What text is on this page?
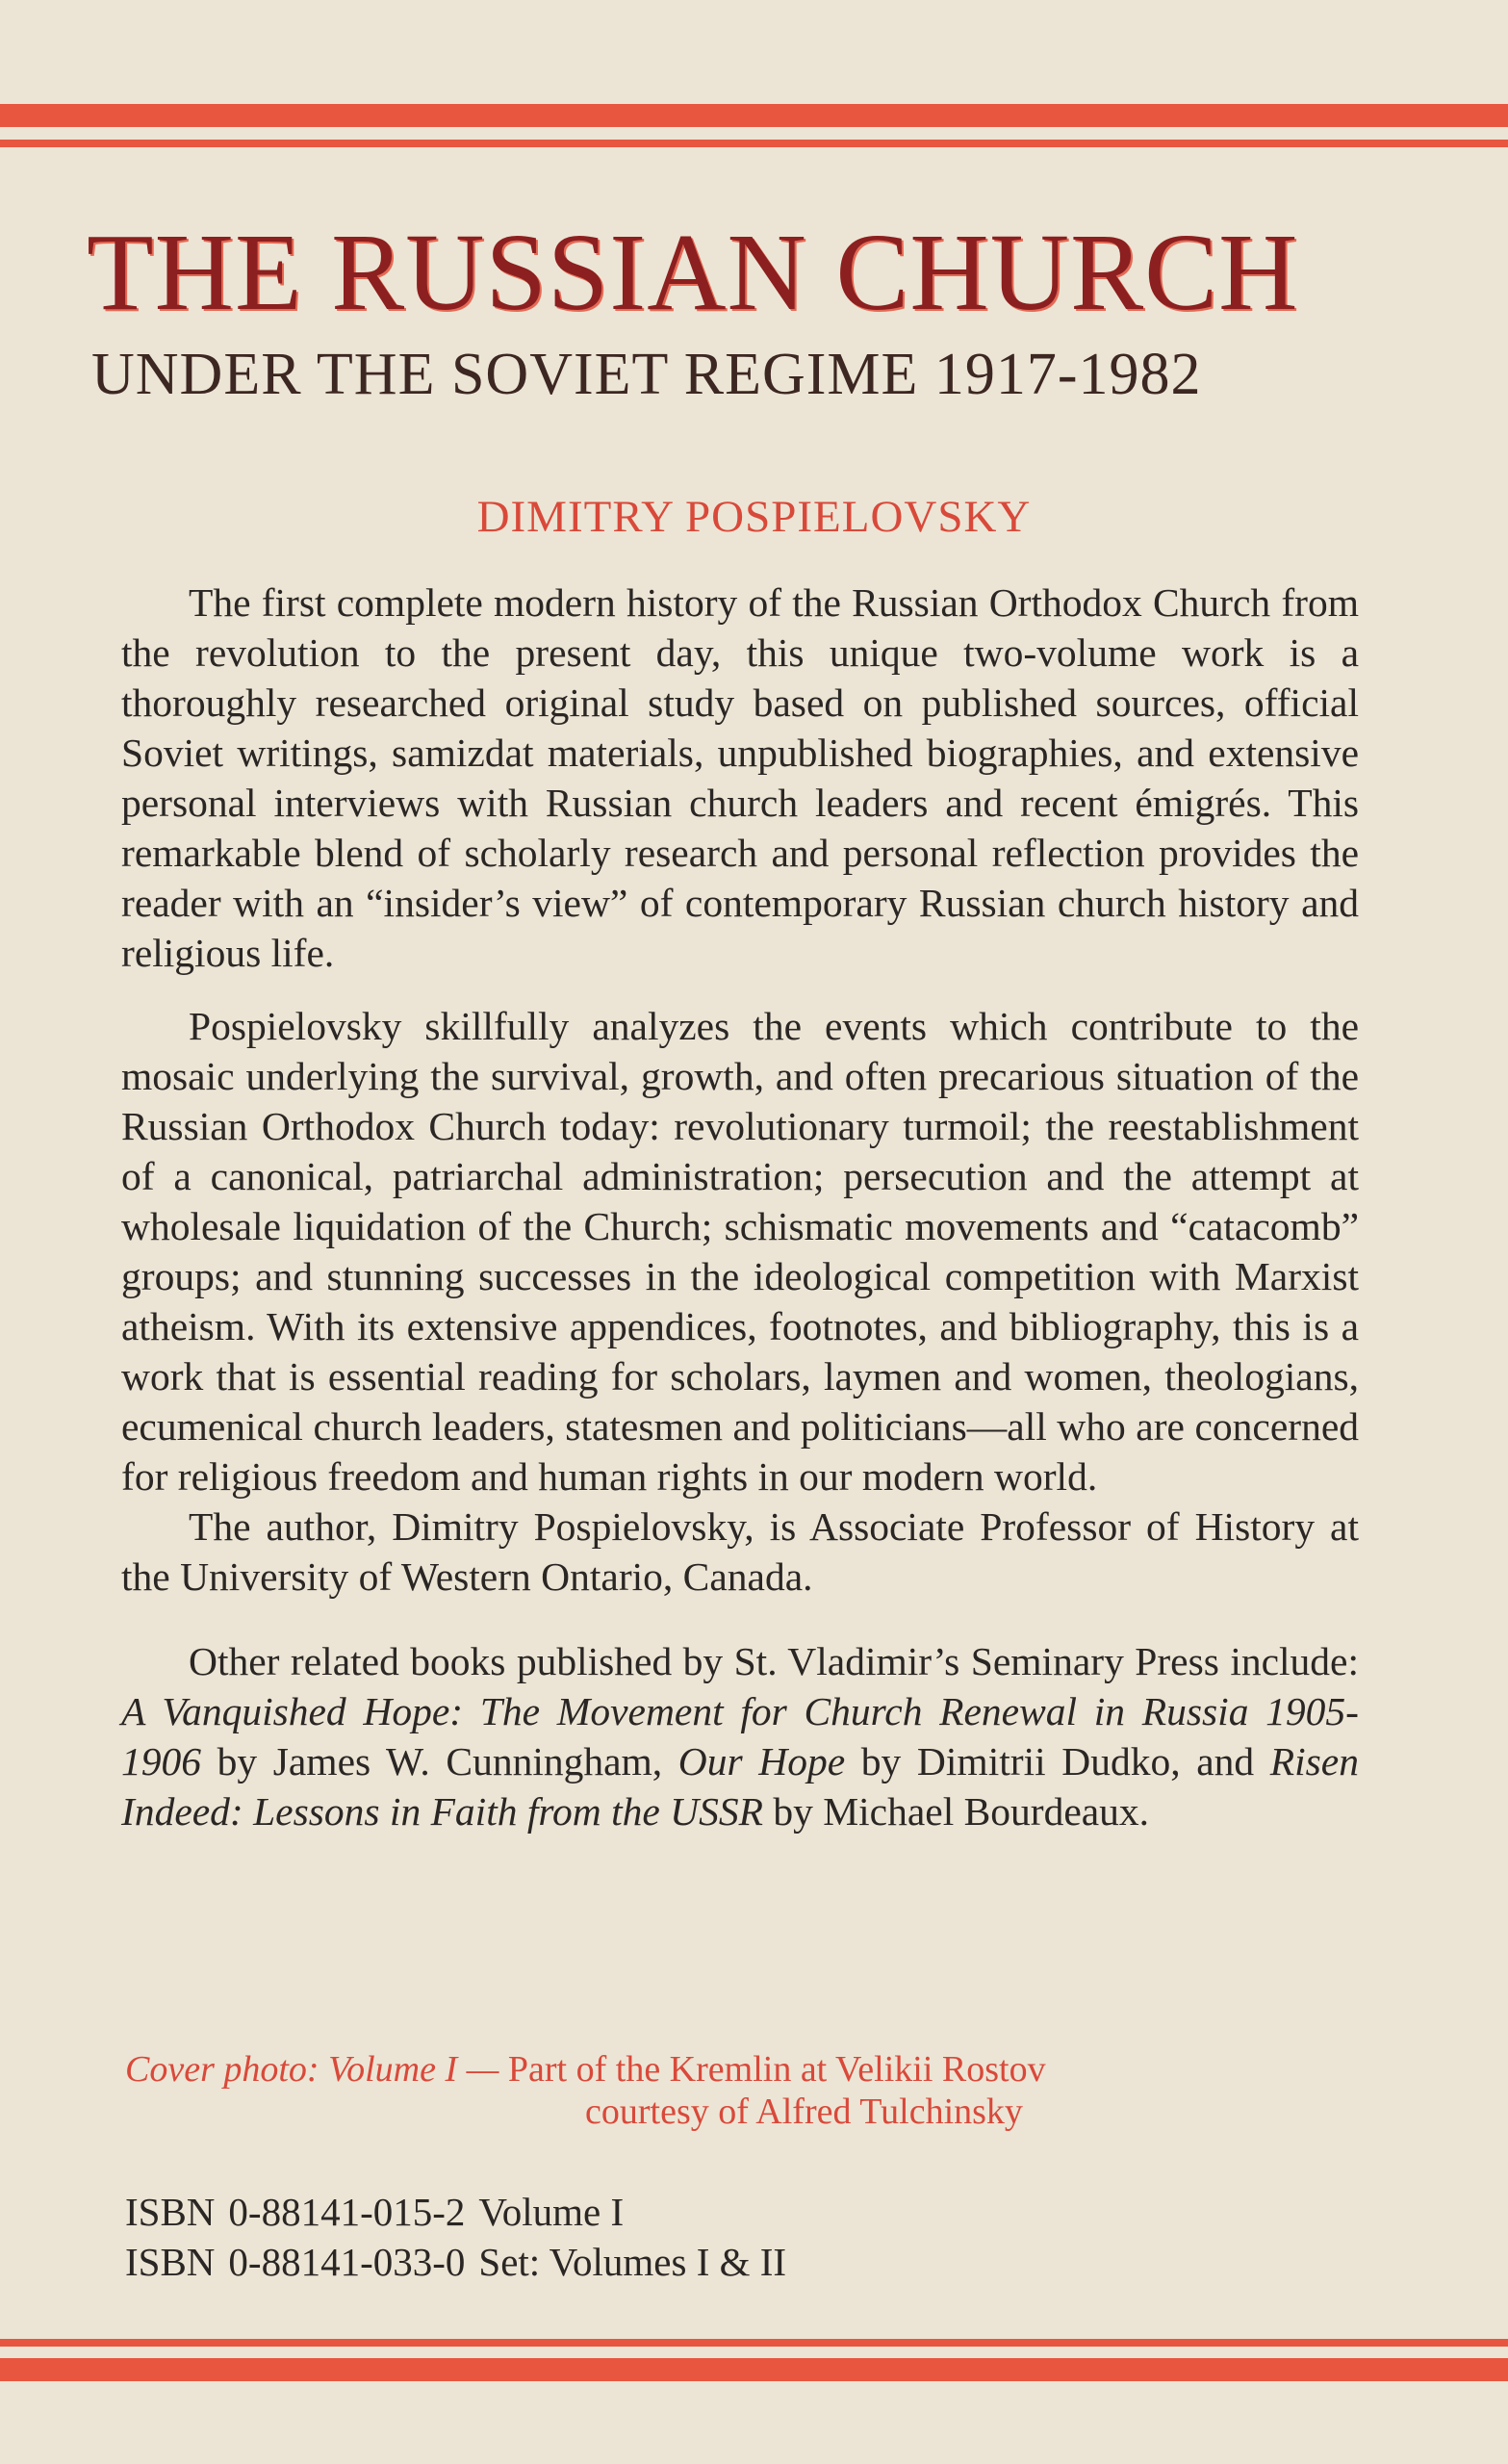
THE RUSSIAN CHURCH
UNDER THE SOVIET REGIME 1917-1982
DIMITRY POSPIELOVSKY

The first complete modern history of the Russian Orthodox Church from the revolution to the present day, this unique two-volume work is a thoroughly researched original study based on published sources, official Soviet writings, samizdat materials, unpublished biographies, and extensive personal interviews with Russian church leaders and recent émigrés. This remarkable blend of scholarly research and personal reflection provides the reader with an “insider’s view” of contemporary Russian church history and religious life.

Pospielovsky skillfully analyzes the events which contribute to the mosaic underlying the survival, growth, and often precarious situation of the Russian Orthodox Church today: revolutionary turmoil; the reestablishment of a canonical, patriarchal administration; persecution and the attempt at wholesale liquidation of the Church; schismatic movements and “catacomb” groups; and stunning successes in the ideological competition with Marxist atheism. With its extensive appendices, footnotes, and bibliography, this is a work that is essential reading for scholars, laymen and women, theologians, ecumenical church leaders, statesmen and politicians—all who are concerned for religious freedom and human rights in our modern world.

The author, Dimitry Pospielovsky, is Associate Professor of History at the University of Western Ontario, Canada.

Other related books published by St. Vladimir’s Seminary Press include: A Vanquished Hope: The Movement for Church Renewal in Russia 1905-1906 by James W. Cunningham, Our Hope by Dimitrii Dudko, and Risen Indeed: Lessons in Faith from the USSR by Michael Bourdeaux.

Cover photo: Volume I — Part of the Kremlin at Velikii Rostov
courtesy of Alfred Tulchinsky
ISBN 0-88141-015-2 Volume I
ISBN 0-88141-033-0 Set: Volumes I & II
